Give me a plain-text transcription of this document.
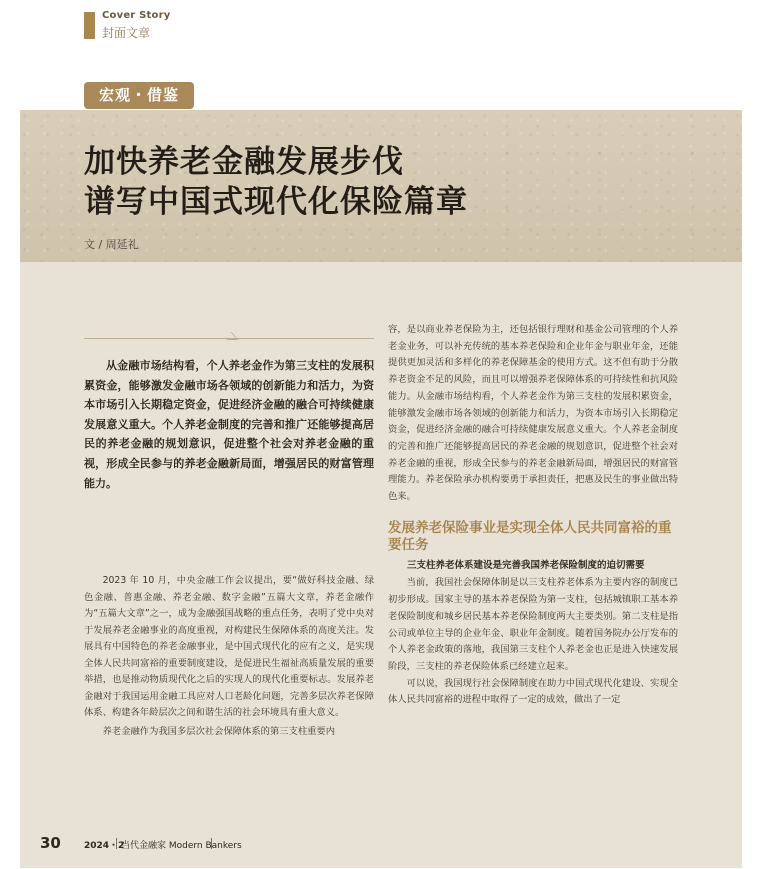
Cover Story
封面文章
宏观・借鉴
加快养老金融发展步伐
谱写中国式现代化保险篇章
文 / 周延礼

从金融市场结构看，个人养老金作为第三支柱的发展积累资金，能够激发金融市场各领域的创新能力和活力，为资本市场引入长期稳定资金，促进经济金融的融合可持续健康发展意义重大。个人养老金制度的完善和推广还能够提高居民的养老金融的规划意识，促进整个社会对养老金融的重视，形成全民参与的养老金融新局面，增强居民的财富管理能力。

2023 年 10 月，中央金融工作会议提出，要“做好科技金融、绿色金融、普惠金融、养老金融、数字金融”五篇大文章，养老金融作为“五篇大文章”之一，成为金融强国战略的重点任务，表明了党中央对于发展养老金融事业的高度重视，对构建民生保障体系的高度关注。发展具有中国特色的养老金融事业，是中国式现代化的应有之义，是实现全体人民共同富裕的重要制度建设，是促进民生福祉高质量发展的重要举措，也是推动物质现代化之后的实现人的现代化重要标志。发展养老金融对于我国运用金融工具应对人口老龄化问题，完善多层次养老保障体系、构建各年龄层次之间和谐生活的社会环境具有重大意义。

养老金融作为我国多层次社会保障体系的第三支柱重要内

容，是以商业养老保险为主，还包括银行理财和基金公司管理的个人养老金业务，可以补充传统的基本养老保险和企业年金与职业年金，还能提供更加灵活和多样化的养老保障基金的使用方式。这不但有助于分散养老资金不足的风险，而且可以增强养老保障体系的可持续性和抗风险能力。从金融市场结构看，个人养老金作为第三支柱的发展积累资金，能够激发金融市场各领域的创新能力和活力，为资本市场引入长期稳定资金，促进经济金融的融合可持续健康发展意义重大。个人养老金制度的完善和推广还能够提高居民的养老金融的规划意识，促进整个社会对养老金融的重视，形成全民参与的养老金融新局面，增强居民的财富管理能力。养老保险承办机构要勇于承担责任，把惠及民生的事业做出特色来。

发展养老保险事业是实现全体人民共同富裕的重要任务
三支柱养老体系建设是完善我国养老保险制度的迫切需要

当前，我国社会保障体制是以三支柱养老体系为主要内容的制度已初步形成。国家主导的基本养老保险为第一支柱，包括城镇职工基本养老保险制度和城乡居民基本养老保险制度两大主要类别。第二支柱是指公司或单位主导的企业年金、职业年金制度。随着国务院办公厅发布的个人养老金政策的落地，我国第三支柱个人养老金也正是进入快速发展阶段，三支柱的养老保险体系已经建立起来。

可以说，我国现行社会保障制度在助力中国式现代化建设、实现全体人民共同富裕的进程中取得了一定的成效，做出了一定

30	2024・2
当代金融家 Modern Bankers
